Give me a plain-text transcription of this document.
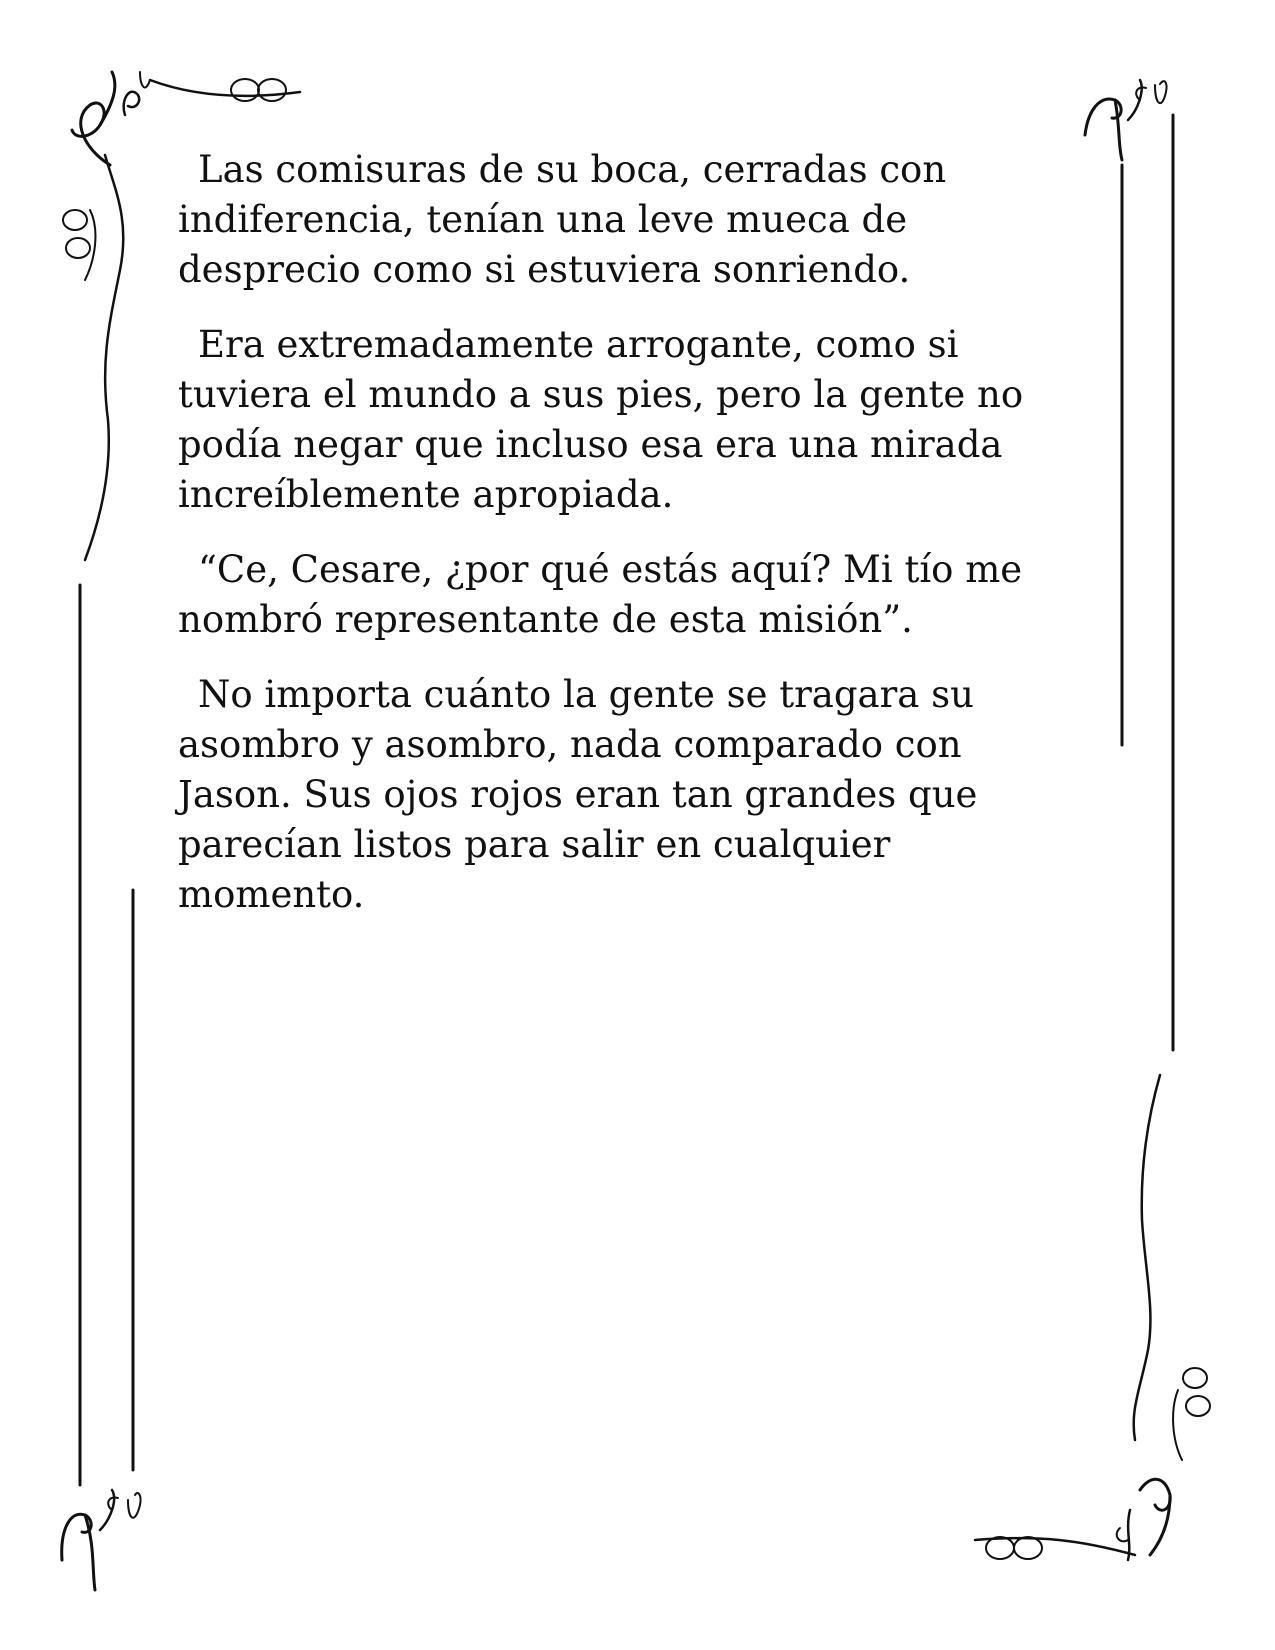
Las comisuras de su boca, cerradas con indiferencia, tenían una leve mueca de desprecio como si estuviera sonriendo.

Era extremadamente arrogante, como si tuviera el mundo a sus pies, pero la gente no podía negar que incluso esa era una mirada increíblemente apropiada.

“Ce, Cesare, ¿por qué estás aquí? Mi tío me nombró representante de esta misión”.

No importa cuánto la gente se tragara su asombro y asombro, nada comparado con Jason. Sus ojos rojos eran tan grandes que parecían listos para salir en cualquier momento.
